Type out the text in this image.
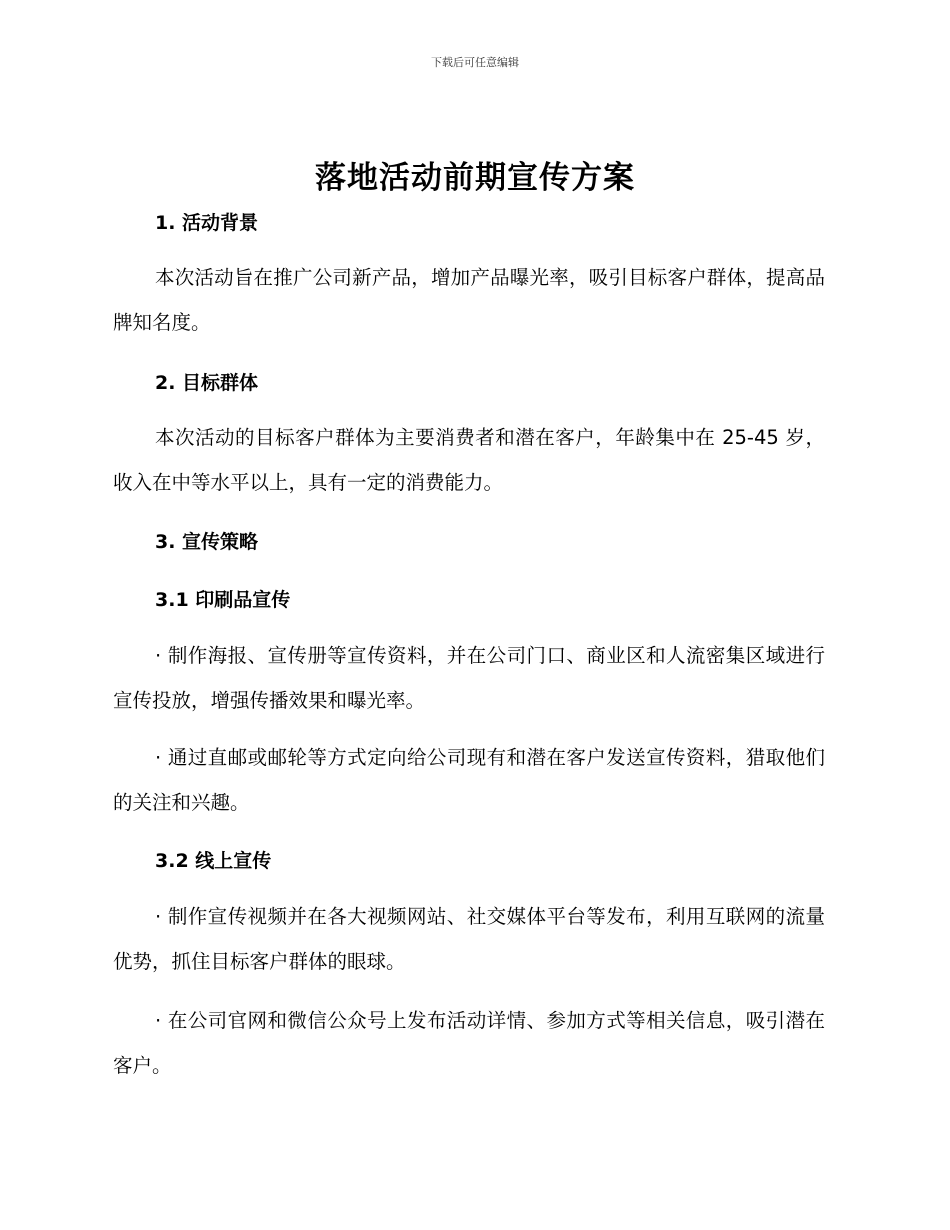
下载后可任意编辑
落地活动前期宣传方案
1. 活动背景
本次活动旨在推广公司新产品，增加产品曝光率，吸引目标客户群体，提高品牌知名度。
2. 目标群体
本次活动的目标客户群体为主要消费者和潜在客户，年龄集中在 25-45 岁，收入在中等水平以上，具有一定的消费能力。
3. 宣传策略
3.1 印刷品宣传
· 制作海报、宣传册等宣传资料，并在公司门口、商业区和人流密集区域进行宣传投放，增强传播效果和曝光率。
· 通过直邮或邮轮等方式定向给公司现有和潜在客户发送宣传资料，猎取他们的关注和兴趣。
3.2 线上宣传
· 制作宣传视频并在各大视频网站、社交媒体平台等发布，利用互联网的流量优势，抓住目标客户群体的眼球。
· 在公司官网和微信公众号上发布活动详情、参加方式等相关信息，吸引潜在客户。
